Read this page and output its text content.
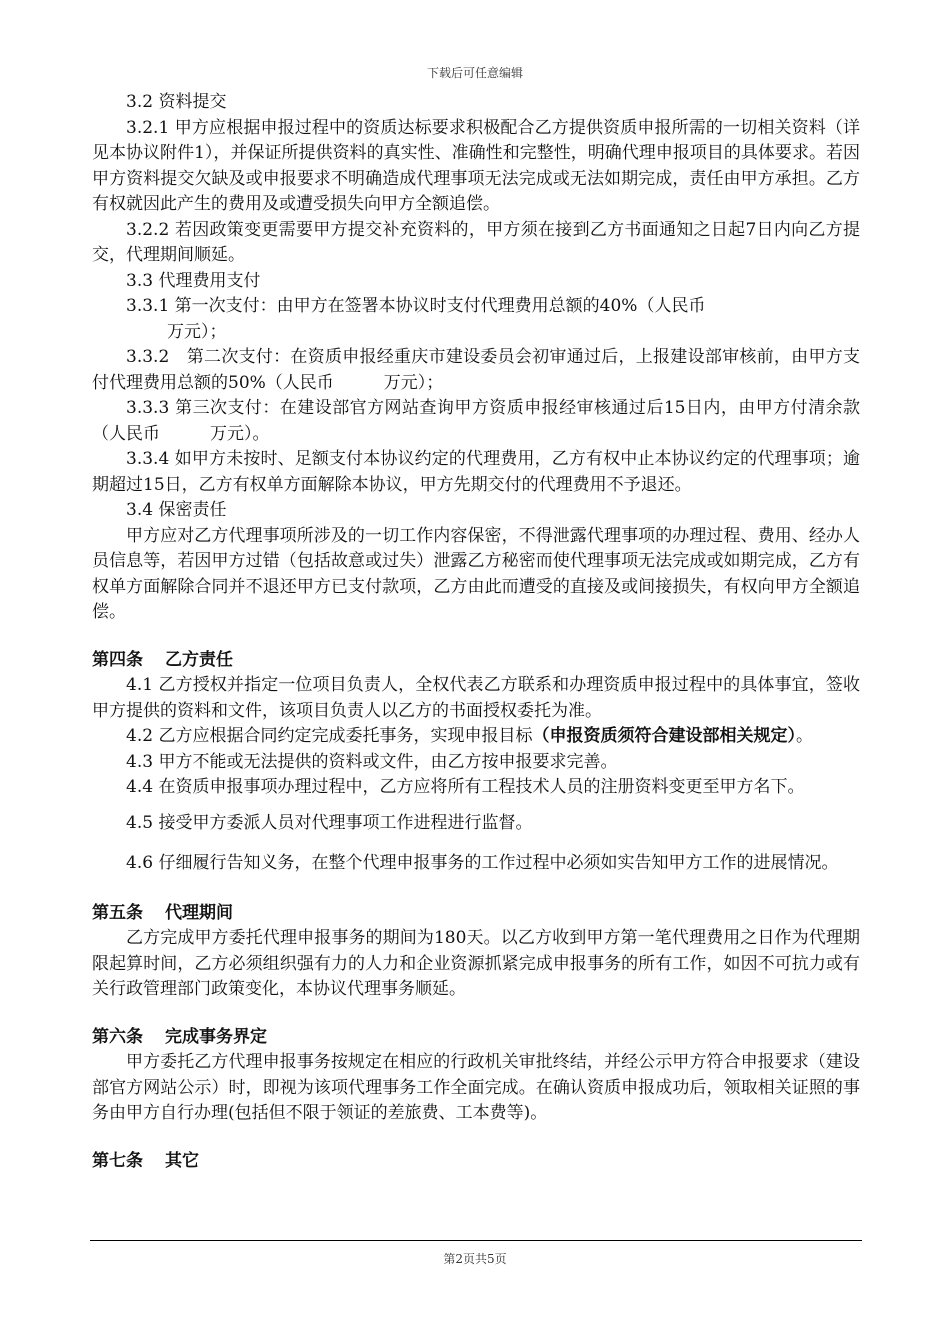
下载后可任意编辑

3.2 资料提交

3.2.1 甲方应根据申报过程中的资质达标要求积极配合乙方提供资质申报所需的一切相关资料（详见本协议附件1），并保证所提供资料的真实性、准确性和完整性，明确代理申报项目的具体要求。若因甲方资料提交欠缺及或申报要求不明确造成代理事项无法完成或无法如期完成，责任由甲方承担。乙方有权就因此产生的费用及或遭受损失向甲方全额追偿。

3.2.2 若因政策变更需要甲方提交补充资料的，甲方须在接到乙方书面通知之日起7日内向乙方提交，代理期间顺延。

3.3 代理费用支付

3.3.1 第一次支付：由甲方在签署本协议时支付代理费用总额的40%（人民币

万元）；

3.3.2　第二次支付：在资质申报经重庆市建设委员会初审通过后，上报建设部审核前，由甲方支付代理费用总额的50%（人民币	万元）；

3.3.3 第三次支付：在建设部官方网站查询甲方资质申报经审核通过后15日内，由甲方付清余款（人民币	万元）。

3.3.4 如甲方未按时、足额支付本协议约定的代理费用，乙方有权中止本协议约定的代理事项；逾期超过15日，乙方有权单方面解除本协议，甲方先期交付的代理费用不予退还。

3.4 保密责任

甲方应对乙方代理事项所涉及的一切工作内容保密，不得泄露代理事项的办理过程、费用、经办人员信息等，若因甲方过错（包括故意或过失）泄露乙方秘密而使代理事项无法完成或如期完成，乙方有权单方面解除合同并不退还甲方已支付款项，乙方由此而遭受的直接及或间接损失，有权向甲方全额追偿。

第四条 乙方责任

4.1 乙方授权并指定一位项目负责人，全权代表乙方联系和办理资质申报过程中的具体事宜，签收甲方提供的资料和文件，该项目负责人以乙方的书面授权委托为准。

4.2 乙方应根据合同约定完成委托事务，实现申报目标（申报资质须符合建设部相关规定）。

4.3 甲方不能或无法提供的资料或文件，由乙方按申报要求完善。

4.4 在资质申报事项办理过程中，乙方应将所有工程技术人员的注册资料变更至甲方名下。

4.5 接受甲方委派人员对代理事项工作进程进行监督。

4.6 仔细履行告知义务，在整个代理申报事务的工作过程中必须如实告知甲方工作的进展情况。

第五条 代理期间

乙方完成甲方委托代理申报事务的期间为180天。以乙方收到甲方第一笔代理费用之日作为代理期限起算时间，乙方必须组织强有力的人力和企业资源抓紧完成申报事务的所有工作，如因不可抗力或有关行政管理部门政策变化，本协议代理事务顺延。

第六条 完成事务界定

甲方委托乙方代理申报事务按规定在相应的行政机关审批终结，并经公示甲方符合申报要求（建设部官方网站公示）时，即视为该项代理事务工作全面完成。在确认资质申报成功后，领取相关证照的事务由甲方自行办理(包括但不限于领证的差旅费、工本费等)。

第七条 其它

第2页共5页
